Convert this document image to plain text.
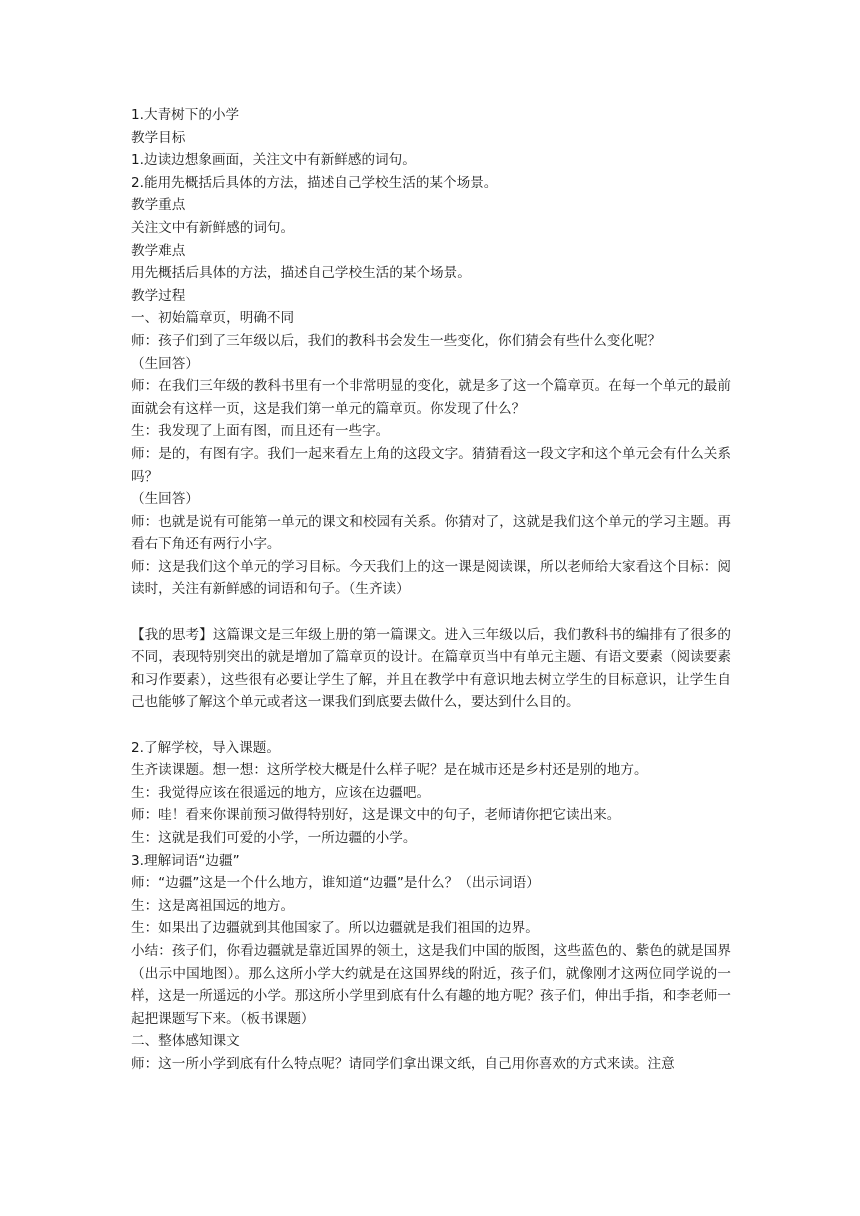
1.大青树下的小学

教学目标

1.边读边想象画面，关注文中有新鲜感的词句。

2.能用先概括后具体的方法，描述自己学校生活的某个场景。

教学重点

关注文中有新鲜感的词句。

教学难点

用先概括后具体的方法，描述自己学校生活的某个场景。

教学过程

一、初始篇章页，明确不同

师：孩子们到了三年级以后，我们的教科书会发生一些变化，你们猜会有些什么变化呢？

（生回答）

师：在我们三年级的教科书里有一个非常明显的变化，就是多了这一个篇章页。在每一个单元的最前面就会有这样一页，这是我们第一单元的篇章页。你发现了什么？

生：我发现了上面有图，而且还有一些字。

师：是的，有图有字。我们一起来看左上角的这段文字。猜猜看这一段文字和这个单元会有什么关系吗？

（生回答）

师：也就是说有可能第一单元的课文和校园有关系。你猜对了，这就是我们这个单元的学习主题。再看右下角还有两行小字。

师：这是我们这个单元的学习目标。今天我们上的这一课是阅读课，所以老师给大家看这个目标：阅读时，关注有新鲜感的词语和句子。（生齐读）

【我的思考】这篇课文是三年级上册的第一篇课文。进入三年级以后，我们教科书的编排有了很多的不同，表现特别突出的就是增加了篇章页的设计。在篇章页当中有单元主题、有语文要素（阅读要素和习作要素），这些很有必要让学生了解，并且在教学中有意识地去树立学生的目标意识，让学生自己也能够了解这个单元或者这一课我们到底要去做什么，要达到什么目的。

2.了解学校，导入课题。

生齐读课题。想一想：这所学校大概是什么样子呢？是在城市还是乡村还是别的地方。

生：我觉得应该在很遥远的地方，应该在边疆吧。

师：哇！看来你课前预习做得特别好，这是课文中的句子，老师请你把它读出来。

生：这就是我们可爱的小学，一所边疆的小学。

3.理解词语“边疆”

师：“边疆”这是一个什么地方，谁知道“边疆”是什么？（出示词语）

生：这是离祖国远的地方。

生：如果出了边疆就到其他国家了。所以边疆就是我们祖国的边界。

小结：孩子们，你看边疆就是靠近国界的领土，这是我们中国的版图，这些蓝色的、紫色的就是国界（出示中国地图）。那么这所小学大约就是在这国界线的附近，孩子们，就像刚才这两位同学说的一样，这是一所遥远的小学。那这所小学里到底有什么有趣的地方呢？孩子们，伸出手指，和李老师一起把课题写下来。（板书课题）

二、整体感知课文

师：这一所小学到底有什么特点呢？请同学们拿出课文纸，自己用你喜欢的方式来读。注意
